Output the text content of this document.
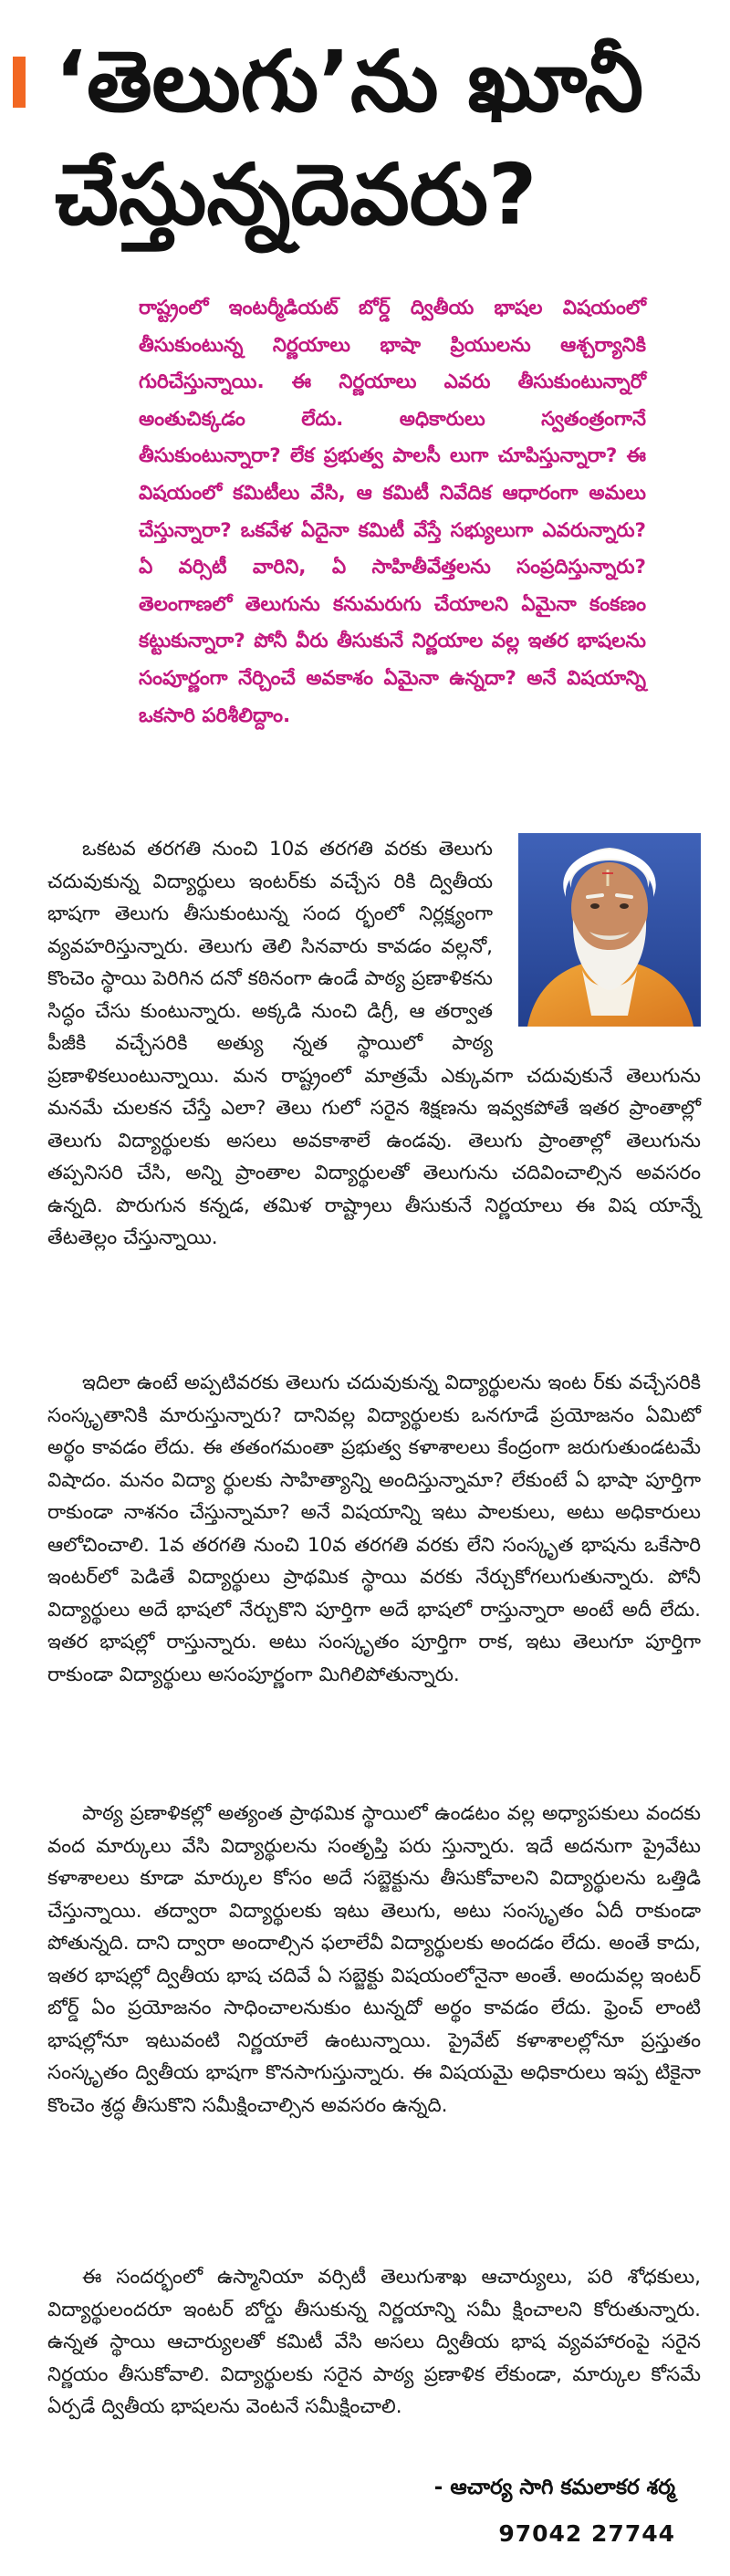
‘తెలుగు’ను ఖూనీ
చేస్తున్నదెవరు?

రాష్ట్రంలో ఇంటర్మీడియట్ బోర్డ్ ద్వితీయ భాషల విషయంలో తీసుకుంటున్న నిర్ణయాలు భాషా ప్రియులను ఆశ్చర్యానికి గురిచేస్తున్నాయి. ఈ నిర్ణయాలు ఎవరు తీసుకుంటున్నారో అంతుచిక్కడం లేదు. అధికారులు స్వతంత్రంగానే తీసుకుంటున్నారా? లేక ప్రభుత్వ పాలసీ లుగా చూపిస్తున్నారా? ఈ విషయంలో కమిటీలు వేసి, ఆ కమిటీ నివేదిక ఆధారంగా అమలు చేస్తున్నారా? ఒకవేళ ఏదైనా కమిటీ వేస్తే సభ్యులుగా ఎవరున్నారు? ఏ వర్సిటీ వారిని, ఏ సాహితీవేత్తలను సంప్రదిస్తున్నారు? తెలంగాణలో తెలుగును కనుమరుగు చేయాలని ఏమైనా కంకణం కట్టుకున్నారా? పోనీ వీరు తీసుకునే నిర్ణయాల వల్ల ఇతర భాషలను సంపూర్ణంగా నేర్చించే అవకాశం ఏమైనా ఉన్నదా? అనే విషయాన్ని ఒకసారి పరిశీలిద్దాం.

ఒకటవ తరగతి నుంచి 10వ తరగతి వరకు తెలుగు చదువుకున్న విద్యార్థులు ఇంటర్‌కు వచ్చేస రికి ద్వితీయ భాషగా తెలుగు తీసుకుంటున్న సంద ర్భంలో నిర్లక్ష్యంగా వ్యవహరిస్తున్నారు. తెలుగు తెలి సినవారు కావడం వల్లనో, కొంచెం స్థాయి పెరిగిన దనో కఠినంగా ఉండే పాఠ్య ప్రణాళికను సిద్ధం చేసు కుంటున్నారు. అక్కడి నుంచి డిగ్రీ, ఆ తర్వాత పీజీకి వచ్చేసరికి అత్యు న్నత స్థాయిలో పాఠ్య ప్రణాళికలుంటున్నాయి. మన రాష్ట్రంలో మాత్రమే ఎక్కువగా చదువుకునే తెలుగును మనమే చులకన చేస్తే ఎలా? తెలు గులో సరైన శిక్షణను ఇవ్వకపోతే ఇతర ప్రాంతాల్లో తెలుగు విద్యార్థులకు అసలు అవకాశాలే ఉండవు. తెలుగు ప్రాంతాల్లో తెలుగును తప్పనిసరి చేసి, అన్ని ప్రాంతాల విద్యార్థులతో తెలుగును చదివించాల్సిన అవసరం ఉన్నది. పొరుగున కన్నడ, తమిళ రాష్ట్రాలు తీసుకునే నిర్ణయాలు ఈ విష యాన్నే తేటతెల్లం చేస్తున్నాయి.

ఇదిలా ఉంటే అప్పటివరకు తెలుగు చదువుకున్న విద్యార్థులను ఇంట ర్‌కు వచ్చేసరికి సంస్కృతానికి మారుస్తున్నారు? దానివల్ల విద్యార్థులకు ఒనగూడే ప్రయోజనం ఏమిటో అర్థం కావడం లేదు. ఈ తతంగమంతా ప్రభుత్వ కళాశాలలు కేంద్రంగా జరుగుతుండటమే విషాదం. మనం విద్యా ర్థులకు సాహిత్యాన్ని అందిస్తున్నామా? లేకుంటే ఏ భాషా పూర్తిగా రాకుండా నాశనం చేస్తున్నామా? అనే విషయాన్ని ఇటు పాలకులు, అటు అధికారులు ఆలోచించాలి. 1వ తరగతి నుంచి 10వ తరగతి వరకు లేని సంస్కృత భాషను ఒకేసారి ఇంటర్‌లో పెడితే విద్యార్థులు ప్రాథమిక స్థాయి వరకు నేర్చుకోగలుగుతున్నారు. పోనీ విద్యార్థులు అదే భాషలో నేర్చుకొని పూర్తిగా అదే భాషలో రాస్తున్నారా అంటే అదీ లేదు. ఇతర భాషల్లో రాస్తున్నారు. అటు సంస్కృతం పూర్తిగా రాక, ఇటు తెలుగూ పూర్తిగా రాకుండా విద్యార్థులు అసంపూర్ణంగా మిగిలిపోతున్నారు.

పాఠ్య ప్రణాళికల్లో అత్యంత ప్రాథమిక స్థాయిలో ఉండటం వల్ల అధ్యాపకులు వందకు వంద మార్కులు వేసి విద్యార్థులను సంతృప్తి పరు స్తున్నారు. ఇదే అదనుగా ప్రైవేటు కళాశాలలు కూడా మార్కుల కోసం అదే సబ్జెక్టును తీసుకోవాలని విద్యార్థులను ఒత్తిడి చేస్తున్నాయి. తద్వారా విద్యార్థులకు ఇటు తెలుగు, అటు సంస్కృతం ఏదీ రాకుండా పోతున్నది. దాని ద్వారా అందాల్సిన ఫలాలేవీ విద్యార్థులకు అందడం లేదు. అంతే కాదు, ఇతర భాషల్లో ద్వితీయ భాష చదివే ఏ సబ్జెక్టు విషయంలోనైనా అంతే. అందువల్ల ఇంటర్ బోర్డ్ ఏం ప్రయోజనం సాధించాలనుకుం టున్నదో అర్థం కావడం లేదు. ఫ్రెంచ్ లాంటి భాషల్లోనూ ఇటువంటి నిర్ణయాలే ఉంటున్నాయి. ప్రైవేట్ కళాశాలల్లోనూ ప్రస్తుతం సంస్కృతం ద్వితీయ భాషగా కొనసాగుస్తున్నారు. ఈ విషయమై అధికారులు ఇప్ప టికైనా కొంచెం శ్రద్ధ తీసుకొని సమీక్షించాల్సిన అవసరం ఉన్నది.

ఈ సందర్భంలో ఉస్మానియా వర్సిటీ తెలుగుశాఖ ఆచార్యులు, పరి శోధకులు, విద్యార్థులందరూ ఇంటర్ బోర్డు తీసుకున్న నిర్ణయాన్ని సమీ క్షించాలని కోరుతున్నారు. ఉన్నత స్థాయి ఆచార్యులతో కమిటీ వేసి అసలు ద్వితీయ భాష వ్యవహారంపై సరైన నిర్ణయం తీసుకోవాలి. విద్యార్థులకు సరైన పాఠ్య ప్రణాళిక లేకుండా, మార్కుల కోసమే ఏర్పడే ద్వితీయ భాషలను వెంటనే సమీక్షించాలి.

- ఆచార్య సాగి కమలాకర శర్మ

97042 27744
